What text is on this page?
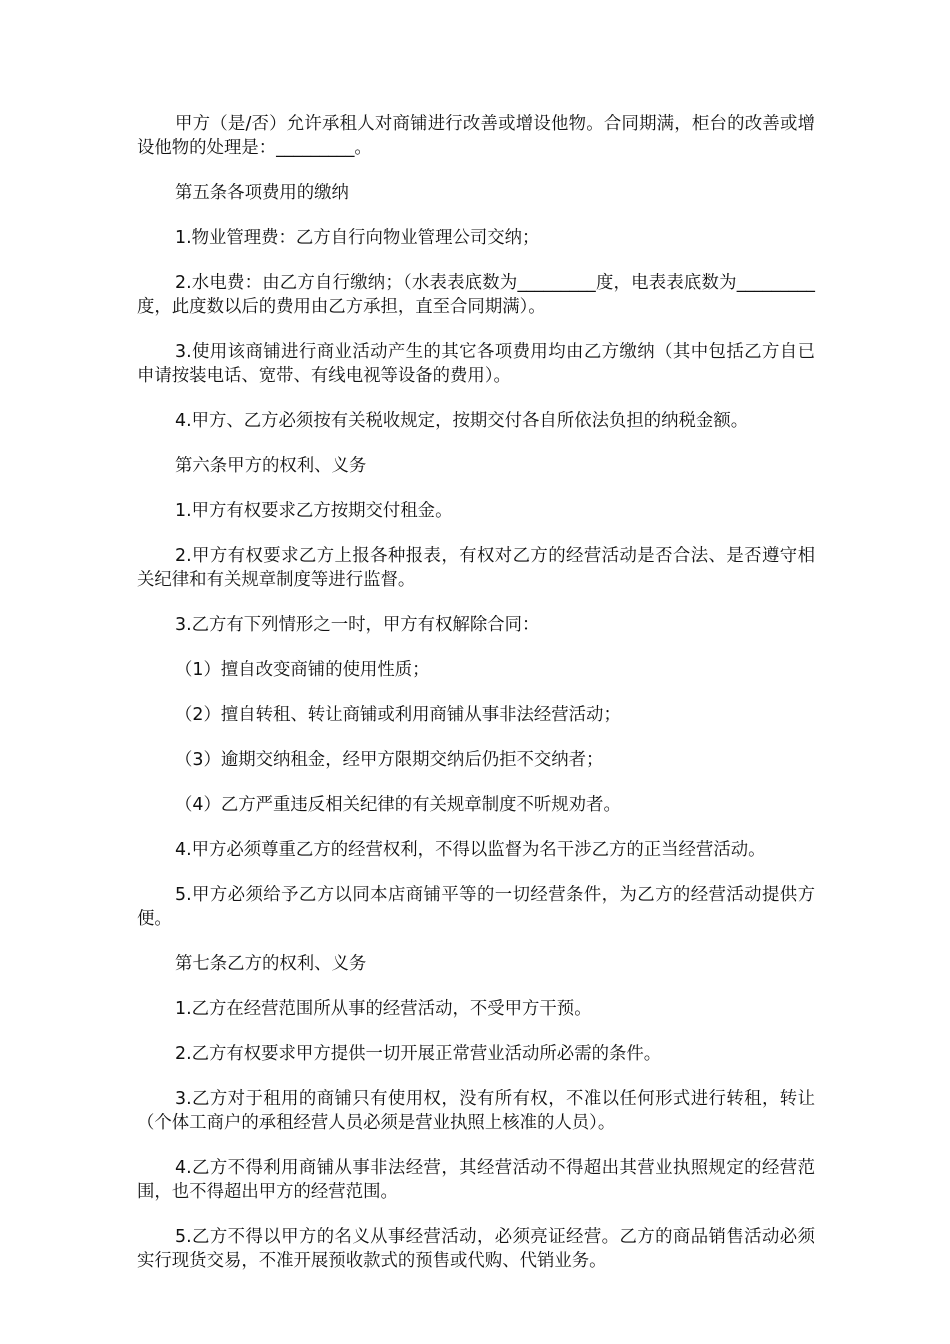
甲方（是/否）允许承租人对商铺进行改善或增设他物。合同期满，柜台的改善或增设他物的处理是：_________。

第五条各项费用的缴纳

1.物业管理费：乙方自行向物业管理公司交纳；

2.水电费：由乙方自行缴纳；（水表表底数为_________度，电表表底数为_________度，此度数以后的费用由乙方承担，直至合同期满）。

3.使用该商铺进行商业活动产生的其它各项费用均由乙方缴纳（其中包括乙方自已申请按装电话、宽带、有线电视等设备的费用）。

4.甲方、乙方必须按有关税收规定，按期交付各自所依法负担的纳税金额。

第六条甲方的权利、义务

1.甲方有权要求乙方按期交付租金。

2.甲方有权要求乙方上报各种报表，有权对乙方的经营活动是否合法、是否遵守相关纪律和有关规章制度等进行监督。

3.乙方有下列情形之一时，甲方有权解除合同：

（1）擅自改变商铺的使用性质；

（2）擅自转租、转让商铺或利用商铺从事非法经营活动；

（3）逾期交纳租金，经甲方限期交纳后仍拒不交纳者；

（4）乙方严重违反相关纪律的有关规章制度不听规劝者。

4.甲方必须尊重乙方的经营权利，不得以监督为名干涉乙方的正当经营活动。

5.甲方必须给予乙方以同本店商铺平等的一切经营条件，为乙方的经营活动提供方便。

第七条乙方的权利、义务

1.乙方在经营范围所从事的经营活动，不受甲方干预。

2.乙方有权要求甲方提供一切开展正常营业活动所必需的条件。

3.乙方对于租用的商铺只有使用权，没有所有权，不准以任何形式进行转租，转让（个体工商户的承租经营人员必须是营业执照上核准的人员）。

4.乙方不得利用商铺从事非法经营，其经营活动不得超出其营业执照规定的经营范围，也不得超出甲方的经营范围。

5.乙方不得以甲方的名义从事经营活动，必须亮证经营。乙方的商品销售活动必须实行现货交易，不准开展预收款式的预售或代购、代销业务。
